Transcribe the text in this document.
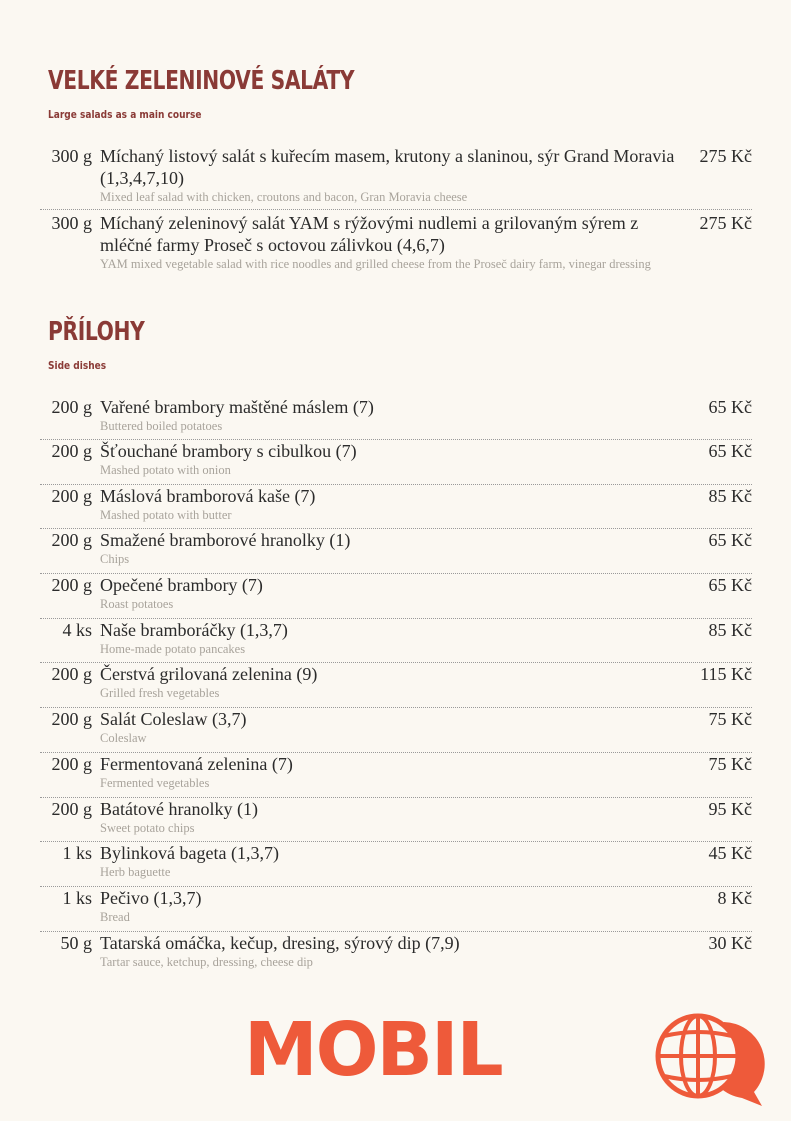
VELKÉ ZELENINOVÉ SALÁTY
Large salads as a main course
300 g Míchaný listový salát s kuřecím masem, krutony a slaninou, sýr Grand Moravia (1,3,4,7,10)
Mixed leaf salad with chicken, croutons and bacon, Gran Moravia cheese
275 Kč
300 g Míchaný zeleninový salát YAM s rýžovými nudlemi a grilovaným sýrem z mléčné farmy Proseč s octovou zálivkou (4,6,7)
YAM mixed vegetable salad with rice noodles and grilled cheese from the Proseč dairy farm, vinegar dressing
275 Kč
PŘÍLOHY
Side dishes
200 g Vařené brambory maštěné máslem (7)
Buttered boiled potatoes
65 Kč
200 g Šťouchané brambory s cibulkou (7)
Mashed potato with onion
65 Kč
200 g Máslová bramborová kaše (7)
Mashed potato with butter
85 Kč
200 g Smažené bramborové hranolky (1)
Chips
65 Kč
200 g Opečené brambory (7)
Roast potatoes
65 Kč
4 ks Naše bramboráčky (1,3,7)
Home-made potato pancakes
85 Kč
200 g Čerstvá grilovaná zelenina (9)
Grilled fresh vegetables
115 Kč
200 g Salát Coleslaw (3,7)
Coleslaw
75 Kč
200 g Fermentovaná zelenina (7)
Fermented vegetables
75 Kč
200 g Batátové hranolky (1)
Sweet potato chips
95 Kč
1 ks Bylinková bageta (1,3,7)
Herb baguette
45 Kč
1 ks Pečivo (1,3,7)
Bread
8 Kč
50 g Tatarská omáčka, kečup, dresing, sýrový dip (7,9)
Tartar sauce, ketchup, dressing, cheese dip
30 Kč
MOBIL
